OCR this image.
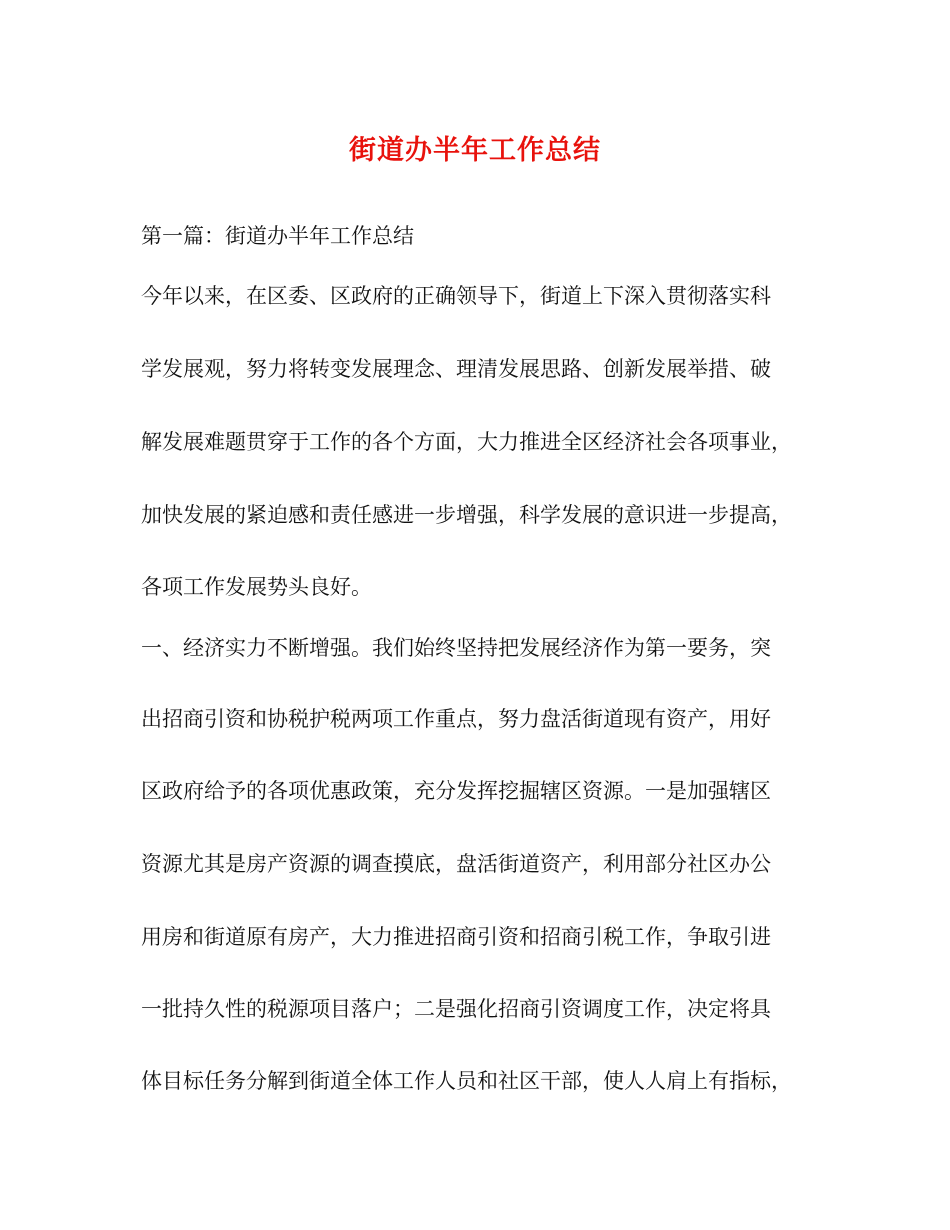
街道办半年工作总结

第一篇：街道办半年工作总结

今年以来，在区委、区政府的正确领导下，街道上下深入贯彻落实科

学发展观，努力将转变发展理念、理清发展思路、创新发展举措、破

解发展难题贯穿于工作的各个方面，大力推进全区经济社会各项事业，

加快发展的紧迫感和责任感进一步增强，科学发展的意识进一步提高，

各项工作发展势头良好。

一、经济实力不断增强。我们始终坚持把发展经济作为第一要务，突

出招商引资和协税护税两项工作重点，努力盘活街道现有资产，用好

区政府给予的各项优惠政策，充分发挥挖掘辖区资源。一是加强辖区

资源尤其是房产资源的调查摸底，盘活街道资产，利用部分社区办公

用房和街道原有房产，大力推进招商引资和招商引税工作，争取引进

一批持久性的税源项目落户；二是强化招商引资调度工作，决定将具

体目标任务分解到街道全体工作人员和社区干部，使人人肩上有指标，
